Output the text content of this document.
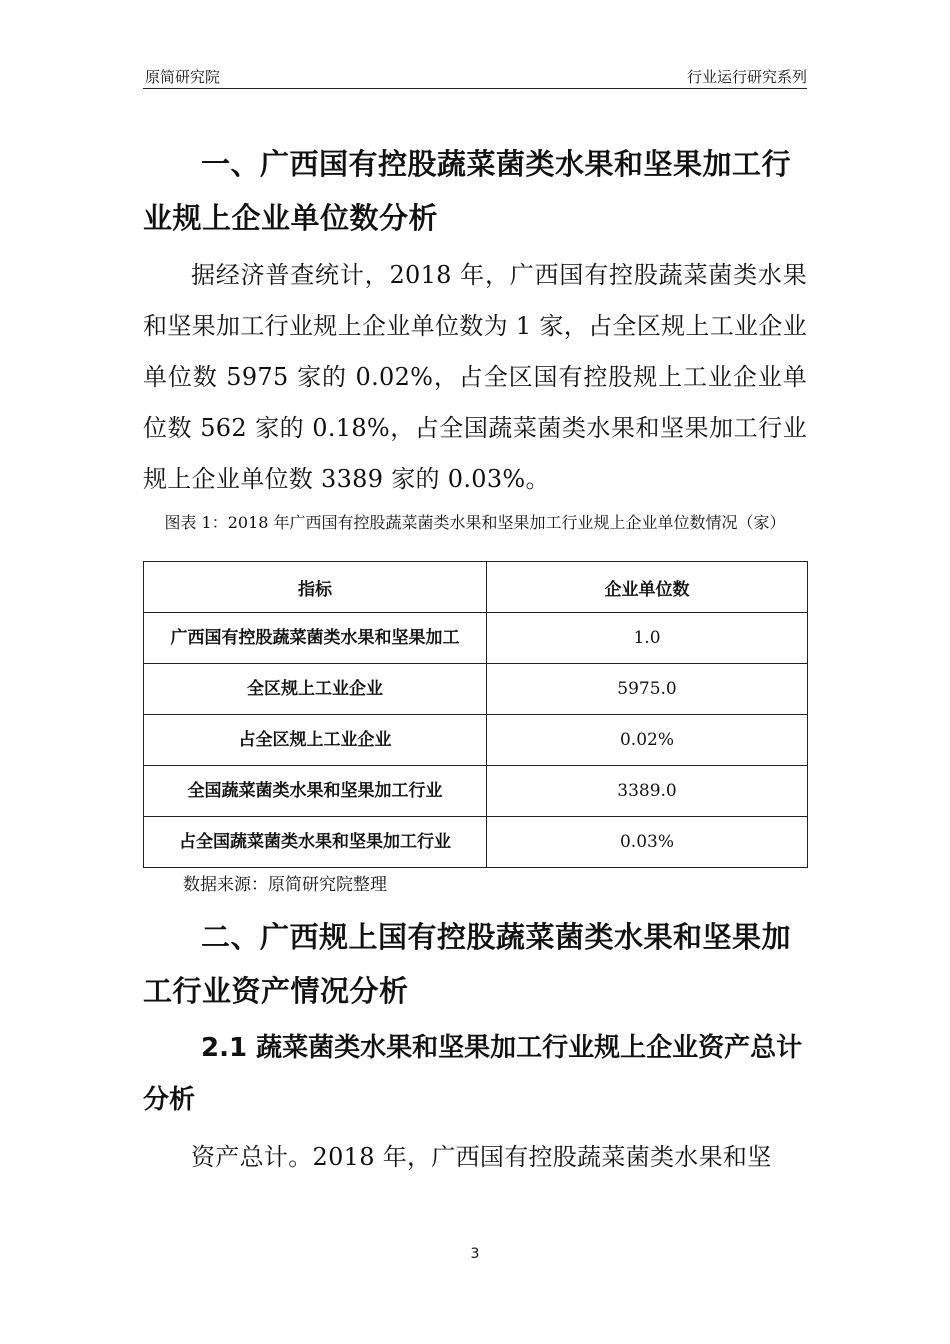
原简研究院	行业运行研究系列
一、广西国有控股蔬菜菌类水果和坚果加工行业规上企业单位数分析
据经济普查统计，2018 年，广西国有控股蔬菜菌类水果和坚果加工行业规上企业单位数为 1 家，占全区规上工业企业单位数 5975 家的 0.02%，占全区国有控股规上工业企业单位数 562 家的 0.18%，占全国蔬菜菌类水果和坚果加工行业规上企业单位数 3389 家的 0.03%。
图表 1：2018 年广西国有控股蔬菜菌类水果和坚果加工行业规上企业单位数情况（家）
指标	企业单位数
广西国有控股蔬菜菌类水果和坚果加工	1.0
全区规上工业企业	5975.0
占全区规上工业企业	0.02%
全国蔬菜菌类水果和坚果加工行业	3389.0
占全国蔬菜菌类水果和坚果加工行业	0.03%
数据来源：原简研究院整理
二、广西规上国有控股蔬菜菌类水果和坚果加工行业资产情况分析
2.1 蔬菜菌类水果和坚果加工行业规上企业资产总计分析
资产总计。2018 年，广西国有控股蔬菜菌类水果和坚
3
